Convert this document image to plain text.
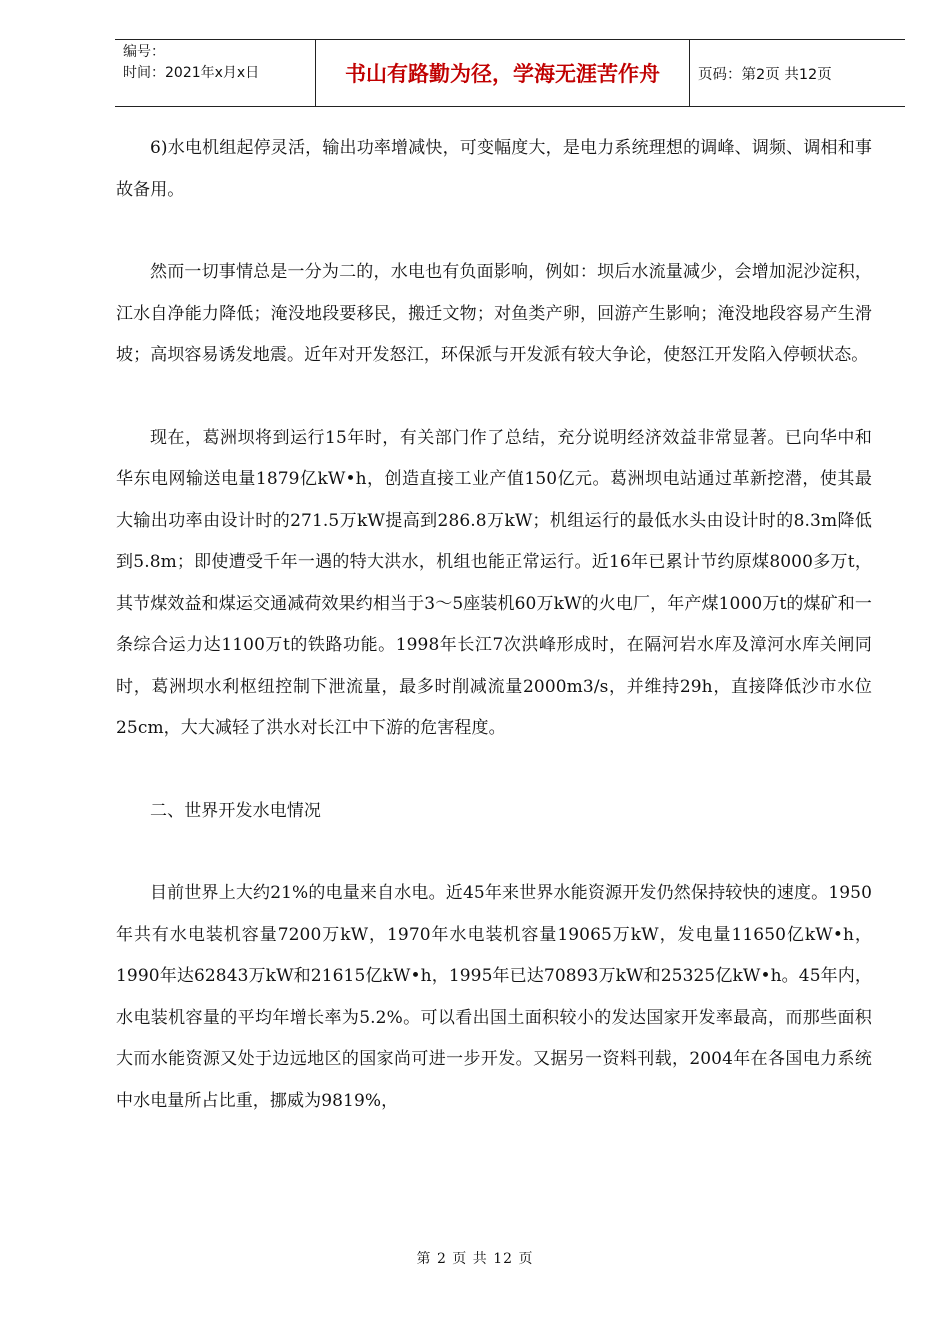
编号：
时间：2021年x月x日	书山有路勤为径，学海无涯苦作舟	页码：第2页 共12页

6)水电机组起停灵活，输出功率增减快，可变幅度大，是电力系统理想的调峰、调频、调相和事故备用。

然而一切事情总是一分为二的，水电也有负面影响，例如：坝后水流量减少，会增加泥沙淀积，江水自净能力降低；淹没地段要移民，搬迁文物；对鱼类产卵，回游产生影响；淹没地段容易产生滑坡；高坝容易诱发地震。近年对开发怒江，环保派与开发派有较大争论，使怒江开发陷入停顿状态。

现在，葛洲坝将到运行15年时，有关部门作了总结，充分说明经济效益非常显著。已向华中和华东电网输送电量1879亿kW•h，创造直接工业产值150亿元。葛洲坝电站通过革新挖潜，使其最大输出功率由设计时的271.5万kW提高到286.8万kW；机组运行的最低水头由设计时的8.3m降低到5.8m；即使遭受千年一遇的特大洪水，机组也能正常运行。近16年已累计节约原煤8000多万t，其节煤效益和煤运交通减荷效果约相当于3～5座装机60万kW的火电厂，年产煤1000万t的煤矿和一条综合运力达1100万t的铁路功能。1998年长江7次洪峰形成时，在隔河岩水库及漳河水库关闸同时，葛洲坝水利枢纽控制下泄流量，最多时削减流量2000m3/s，并维持29h，直接降低沙市水位25cm，大大减轻了洪水对长江中下游的危害程度。

二、世界开发水电情况

目前世界上大约21%的电量来自水电。近45年来世界水能资源开发仍然保持较快的速度。1950年共有水电装机容量7200万kW，1970年水电装机容量19065万kW，发电量11650亿kW•h，1990年达62843万kW和21615亿kW•h，1995年已达70893万kW和25325亿kW•h。45年内，水电装机容量的平均年增长率为5.2%。可以看出国土面积较小的发达国家开发率最高，而那些面积大而水能资源又处于边远地区的国家尚可进一步开发。又据另一资料刊载，2004年在各国电力系统中水电量所占比重，挪威为9819%，

第 2 页 共 12 页
